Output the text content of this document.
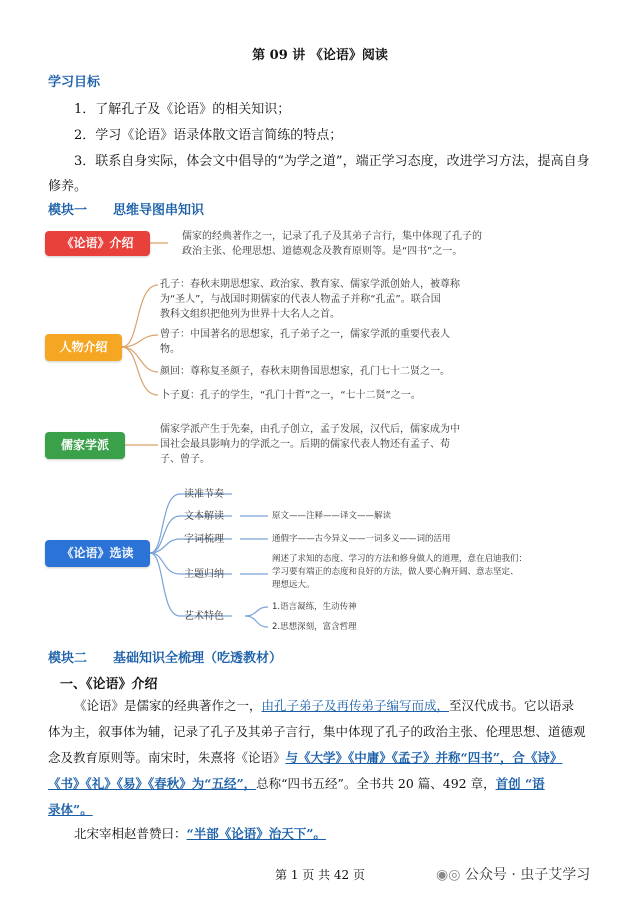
第 09 讲 《论语》阅读
学习目标
1．了解孔子及《论语》的相关知识；
2．学习《论语》语录体散文语言简练的特点；
3．联系自身实际，体会文中倡导的“为学之道”，端正学习态度，改进学习方法，提高自身
修养。
模块一　　思维导图串知识
《论语》介绍	儒家的经典著作之一，记录了孔子及其弟子言行，集中体现了孔子的
政治主张、伦理思想、道德观念及教育原则等。是“四书”之一。
人物介绍
孔子：春秋末期思想家、政治家、教育家、儒家学派创始人，被尊称
为“圣人”，与战国时期儒家的代表人物孟子并称“孔孟”。联合国
教科文组织把他列为世界十大名人之首。
曾子：中国著名的思想家，孔子弟子之一，儒家学派的重要代表人
物。
颜回：尊称复圣颜子，春秋末期鲁国思想家，孔门七十二贤之一。
卜子夏：孔子的学生，“孔门十哲”之一，“七十二贤”之一。
儒家学派
儒家学派产生于先秦，由孔子创立，孟子发展，汉代后，儒家成为中
国社会最具影响力的学派之一。后期的儒家代表人物还有孟子、荀
子、曾子。
《论语》选读
读准节奏
文本解读
字词梳理
主题归纳
艺术特色
原文——注释——译文——解读
通假字——古今异义——一词多义——词的活用
阐述了求知的态度、学习的方法和修身做人的道理，意在启迪我们：
学习要有端正的态度和良好的方法，做人要心胸开阔、意志坚定、
理想远大。
1.语言凝练，生动传神
2.思想深刻，富含哲理
模块二　　基础知识全梳理（吃透教材）
一、《论语》介绍
《论语》是儒家的经典著作之一，由孔子弟子及再传弟子编写而成，至汉代成书。它以语录
体为主，叙事体为辅，记录了孔子及其弟子言行，集中体现了孔子的政治主张、伦理思想、道德观
念及教育原则等。南宋时，朱熹将《论语》与《大学》《中庸》《孟子》并称“四书”，合《诗》
《书》《礼》《易》《春秋》为“五经”，总称“四书五经”。全书共 20 篇、492 章，首创 “语
录体”。
北宋宰相赵普赞曰：“半部《论语》治天下”。
第 1 页 共 42 页	◉◎ 公众号 · 虫子艾学习
